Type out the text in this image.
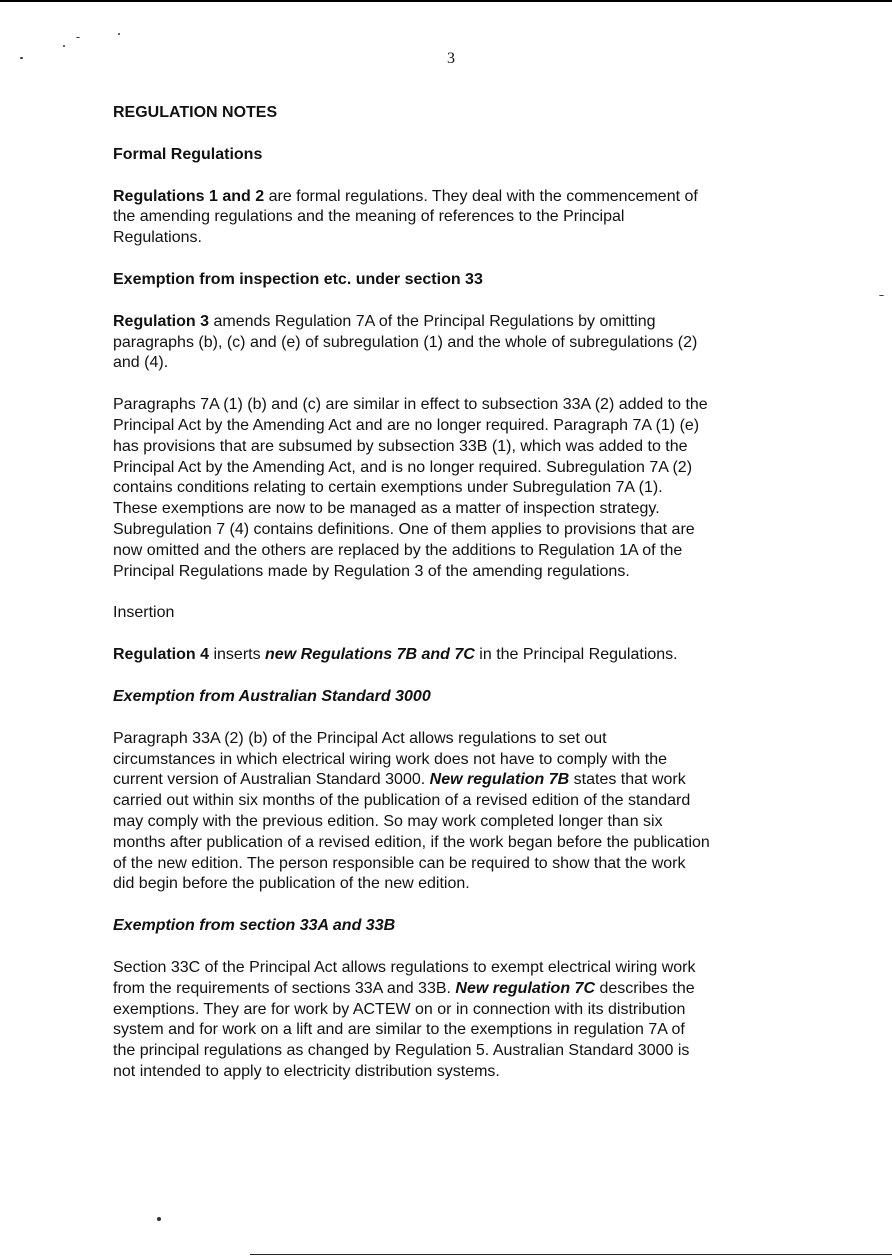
3
REGULATION NOTES
Formal Regulations
Regulations 1 and 2 are formal regulations. They deal with the commencement of
the amending regulations and the meaning of references to the Principal
Regulations.
Exemption from inspection etc. under section 33
Regulation 3 amends Regulation 7A of the Principal Regulations by omitting
paragraphs (b), (c) and (e) of subregulation (1) and the whole of subregulations (2)
and (4).
Paragraphs 7A (1) (b) and (c) are similar in effect to subsection 33A (2) added to the
Principal Act by the Amending Act and are no longer required. Paragraph 7A (1) (e)
has provisions that are subsumed by subsection 33B (1), which was added to the
Principal Act by the Amending Act, and is no longer required. Subregulation 7A (2)
contains conditions relating to certain exemptions under Subregulation 7A (1).
These exemptions are now to be managed as a matter of inspection strategy.
Subregulation 7 (4) contains definitions. One of them applies to provisions that are
now omitted and the others are replaced by the additions to Regulation 1A of the
Principal Regulations made by Regulation 3 of the amending regulations.
Insertion
Regulation 4 inserts new Regulations 7B and 7C in the Principal Regulations.
Exemption from Australian Standard 3000
Paragraph 33A (2) (b) of the Principal Act allows regulations to set out
circumstances in which electrical wiring work does not have to comply with the
current version of Australian Standard 3000. New regulation 7B states that work
carried out within six months of the publication of a revised edition of the standard
may comply with the previous edition. So may work completed longer than six
months after publication of a revised edition, if the work began before the publication
of the new edition. The person responsible can be required to show that the work
did begin before the publication of the new edition.
Exemption from section 33A and 33B
Section 33C of the Principal Act allows regulations to exempt electrical wiring work
from the requirements of sections 33A and 33B. New regulation 7C describes the
exemptions. They are for work by ACTEW on or in connection with its distribution
system and for work on a lift and are similar to the exemptions in regulation 7A of
the principal regulations as changed by Regulation 5. Australian Standard 3000 is
not intended to apply to electricity distribution systems.
